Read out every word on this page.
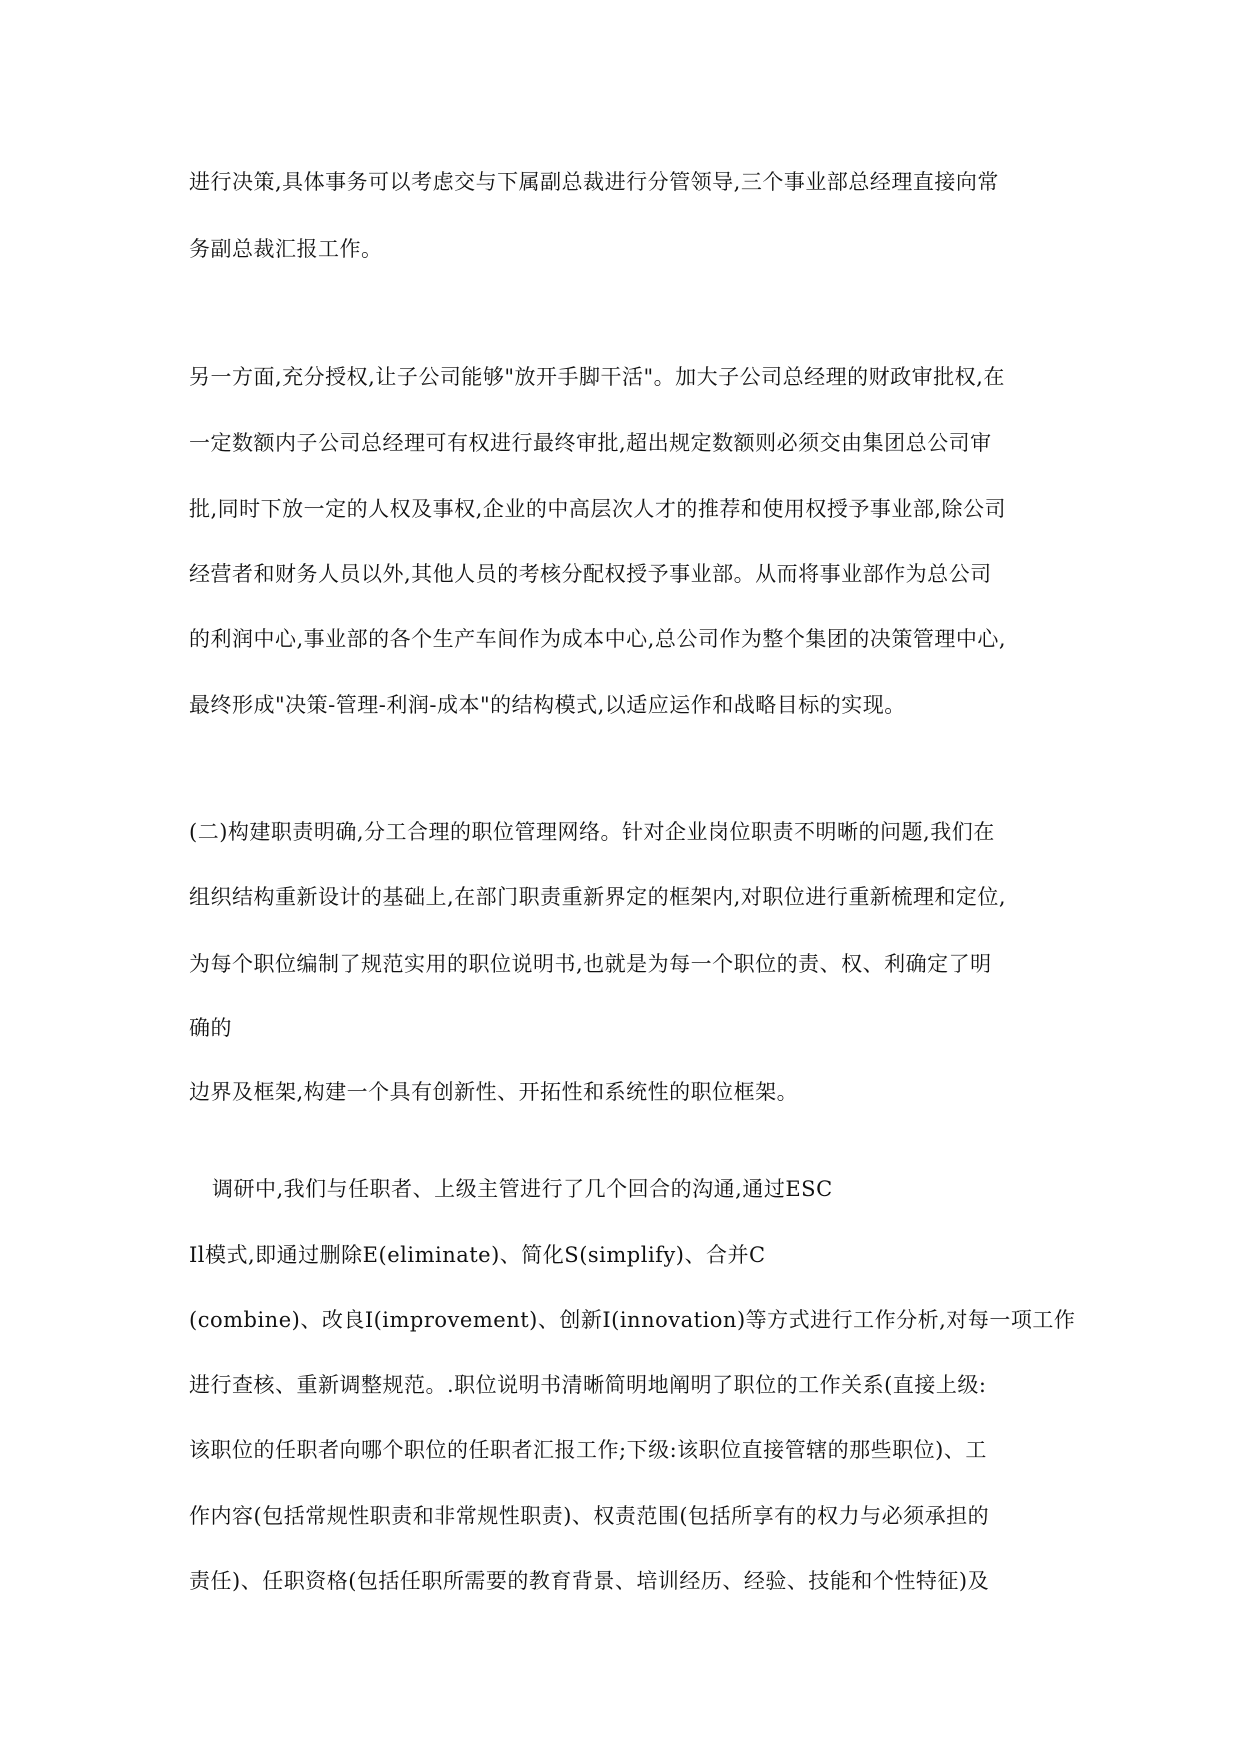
进行决策,具体事务可以考虑交与下属副总裁进行分管领导,三个事业部总经理直接向常
务副总裁汇报工作。
另一方面,充分授权,让子公司能够"放开手脚干活"。加大子公司总经理的财政审批权,在
一定数额内子公司总经理可有权进行最终审批,超出规定数额则必须交由集团总公司审
批,同时下放一定的人权及事权,企业的中高层次人才的推荐和使用权授予事业部,除公司
经营者和财务人员以外,其他人员的考核分配权授予事业部。从而将事业部作为总公司
的利润中心,事业部的各个生产车间作为成本中心,总公司作为整个集团的决策管理中心,
最终形成"决策-管理-利润-成本"的结构模式,以适应运作和战略目标的实现。
(二)构建职责明确,分工合理的职位管理网络。针对企业岗位职责不明晰的问题,我们在
组织结构重新设计的基础上,在部门职责重新界定的框架内,对职位进行重新梳理和定位,
为每个职位编制了规范实用的职位说明书,也就是为每一个职位的责、权、利确定了明
确的
边界及框架,构建一个具有创新性、开拓性和系统性的职位框架。
调研中,我们与任职者、上级主管进行了几个回合的沟通,通过ESC
Il模式,即通过删除E(eliminate)、简化S(simplify)、合并C
(combine)、改良I(improvement)、创新I(innovation)等方式进行工作分析,对每一项工作
进行查核、重新调整规范。.职位说明书清晰简明地阐明了职位的工作关系(直接上级:
该职位的任职者向哪个职位的任职者汇报工作;下级:该职位直接管辖的那些职位)、工
作内容(包括常规性职责和非常规性职责)、权责范围(包括所享有的权力与必须承担的
责任)、任职资格(包括任职所需要的教育背景、培训经历、经验、技能和个性特征)及
